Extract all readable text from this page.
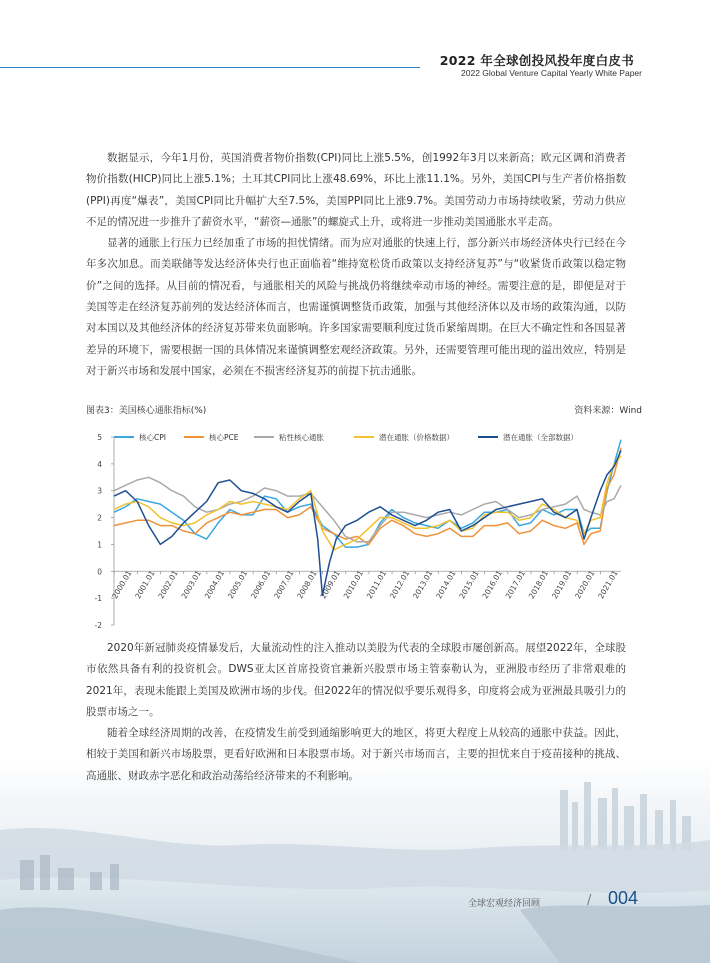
2022 年全球创投风投年度白皮书
2022 Global Venture Capital Yearly White Paper

数据显示，今年1月份，英国消费者物价指数(CPI)同比上涨5.5%，创1992年3月以来新高；欧元区调和消费者物价指数(HICP)同比上涨5.1%；土耳其CPI同比上涨48.69%，环比上涨11.1%。另外，美国CPI与生产者价格指数(PPI)再度“爆表”，美国CPI同比升幅扩大至7.5%，美国PPI同比上涨9.7%。美国劳动力市场持续收紧，劳动力供应不足的情况进一步推升了薪资水平，“薪资—通胀”的螺旋式上升，或将进一步推动美国通胀水平走高。

显著的通胀上行压力已经加重了市场的担忧情绪。而为应对通胀的快速上行，部分新兴市场经济体央行已经在今年多次加息。而美联储等发达经济体央行也正面临着“维持宽松货币政策以支持经济复苏”与“收紧货币政策以稳定物价”之间的选择。从目前的情况看，与通胀相关的风险与挑战仍将继续牵动市场的神经。需要注意的是，即便是对于美国等走在经济复苏前列的发达经济体而言，也需谨慎调整货币政策，加强与其他经济体以及市场的政策沟通，以防对本国以及其他经济体的经济复苏带来负面影响。许多国家需要顺利度过货币紧缩周期。在巨大不确定性和各国显著差异的环境下，需要根据一国的具体情况来谨慎调整宏观经济政策。另外，还需要管理可能出现的溢出效应，特别是对于新兴市场和发展中国家，必须在不损害经济复苏的前提下抗击通胀。

图表3：美国核心通胀指标(%)	资料来源：Wind
核心CPI	核心PCE	粘性核心通胀	潜在通胀（价格数据）	潜在通胀（全部数据）
-2
-1
0
1
2
3
4
5
2000.01 2001.01 2002.01 2003.01 2004.01 2005.01 2006.01 2007.01 2008.01 2009.01 2010.01 2011.01 2012.01 2013.01 2014.01 2015.01 2016.01 2017.01 2018.01 2019.01 2020.01 2021.01

2020年新冠肺炎疫情暴发后，大量流动性的注入推动以美股为代表的全球股市屡创新高。展望2022年，全球股市依然具备有利的投资机会。DWS亚太区首席投资官兼新兴股票市场主管泰勒认为，亚洲股市经历了非常艰难的2021年，表现未能跟上美国及欧洲市场的步伐。但2022年的情况似乎要乐观得多，印度将会成为亚洲最具吸引力的股票市场之一。

随着全球经济周期的改善，在疫情发生前受到通缩影响更大的地区，将更大程度上从较高的通胀中获益。因此，相较于美国和新兴市场股票，更看好欧洲和日本股票市场。对于新兴市场而言，主要的担忧来自于疫苗接种的挑战、高通胀、财政赤字恶化和政治动荡给经济带来的不利影响。

全球宏观经济回顾	/ 004
